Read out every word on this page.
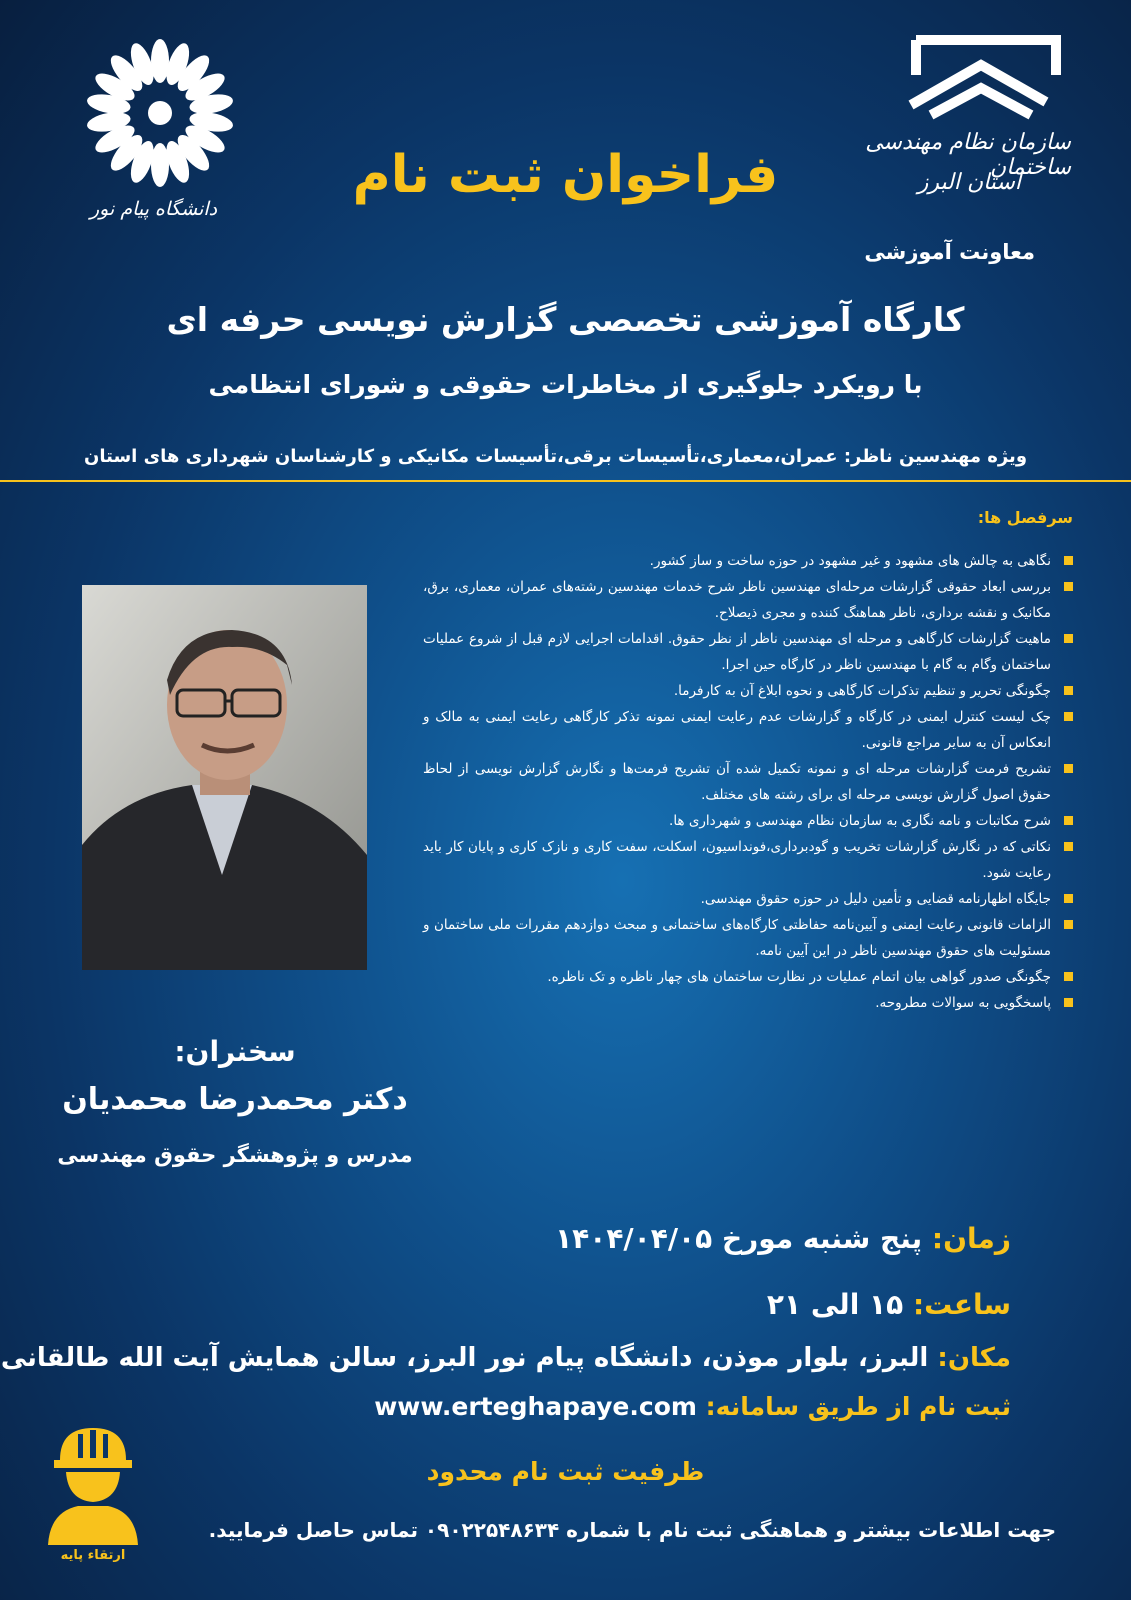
سازمان نظام مهندسی ساختمان
استان البرز
دانشگاه پیام نور
فراخوان ثبت نام
معاونت آموزشی
کارگاه آموزشی تخصصی گزارش نویسی حرفه ای
با رویکرد جلوگیری از مخاطرات حقوقی و شورای انتظامی
ویژه مهندسین ناظر: عمران،معماری،تأسیسات برقی،تأسیسات مکانیکی و کارشناسان شهرداری های استان
سرفصل ها:
نگاهی به چالش های مشهود و غیر مشهود در حوزه ساخت و ساز کشور.
بررسی ابعاد حقوقی گزارشات مرحله‌ای مهندسین ناظر شرح خدمات مهندسین رشته‌های عمران، معماری، برق، مکانیک و نقشه برداری، ناظر هماهنگ کننده و مجری ذیصلاح.
ماهیت گزارشات کارگاهی و مرحله ای مهندسین ناظر از نظر حقوق. اقدامات اجرایی لازم قبل از شروع عملیات ساختمان وگام به گام با مهندسین ناظر در کارگاه حین اجرا.
چگونگی تحریر و تنظیم تذکرات کارگاهی و نحوه ابلاغ آن به کارفرما.
چک لیست کنترل ایمنی در کارگاه و گزارشات عدم رعایت ایمنی نمونه تذکر کارگاهی رعایت ایمنی به مالک و انعکاس آن به سایر مراجع قانونی.
تشریح فرمت گزارشات مرحله ای و نمونه تکمیل شده آن تشریح فرمت‌ها و نگارش گزارش نویسی از لحاظ حقوق اصول گزارش نویسی مرحله ای برای رشته های مختلف.
شرح مکاتبات و نامه نگاری به سازمان نظام مهندسی و شهرداری ها.
نکاتی که در نگارش گزارشات تخریب و گودبرداری،فونداسیون، اسکلت، سفت کاری و نازک کاری و پایان کار باید رعایت شود.
جایگاه اظهارنامه قضایی و تأمین دلیل در حوزه حقوق مهندسی.
الزامات قانونی رعایت ایمنی و آیین‌نامه حفاظتی کارگاه‌های ساختمانی و مبحث دوازدهم مقررات ملی ساختمان و مسئولیت های حقوق مهندسین ناظر در این آیین نامه.
چگونگی صدور گواهی بیان اتمام عملیات در نظارت ساختمان های چهار ناظره و تک ناظره.
پاسخگویی به سوالات مطروحه.
سخنران:
دکتر محمدرضا محمدیان
مدرس و پژوهشگر حقوق مهندسی
زمان: پنج شنبه مورخ ۱۴۰۴/۰۴/۰۵
ساعت: ۱۵ الی ۲۱
مکان: البرز، بلوار موذن، دانشگاه پیام نور البرز، سالن همایش آیت الله طالقانی
ثبت نام از طریق سامانه: www.erteghapaye.com
ظرفیت ثبت نام محدود
جهت اطلاعات بیشتر و هماهنگی ثبت نام با شماره ۰۹۰۲۲۵۴۸۶۳۴ تماس حاصل فرمایید.
ارتقاء پایه
